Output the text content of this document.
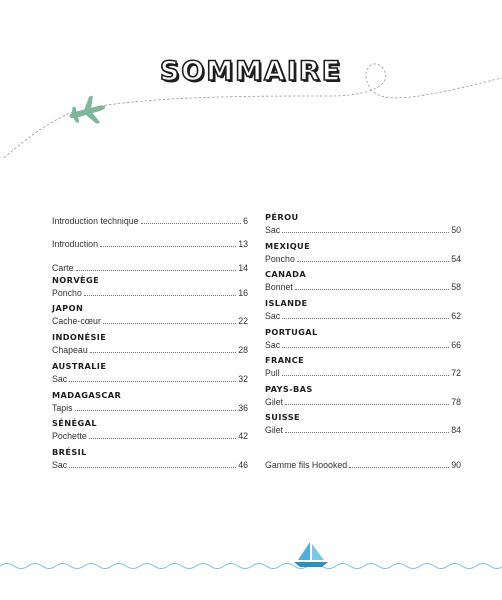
SOMMAIRE
Introduction technique	6
Introduction	13
Carte	14
NORVÈGE
Poncho	16
JAPON
Cache-cœur	22
INDONÉSIE
Chapeau	28
AUSTRALIE
Sac	32
MADAGASCAR
Tapis	36
SÉNÉGAL
Pochette	42
BRÉSIL
Sac	46
PÉROU
Sac	50
MEXIQUE
Poncho	54
CANADA
Bonnet	58
ISLANDE
Sac	62
PORTUGAL
Sac	66
FRANCE
Pull	72
PAYS-BAS
Gilet	78
SUISSE
Gilet	84
Gamme fils Hoooked	90
